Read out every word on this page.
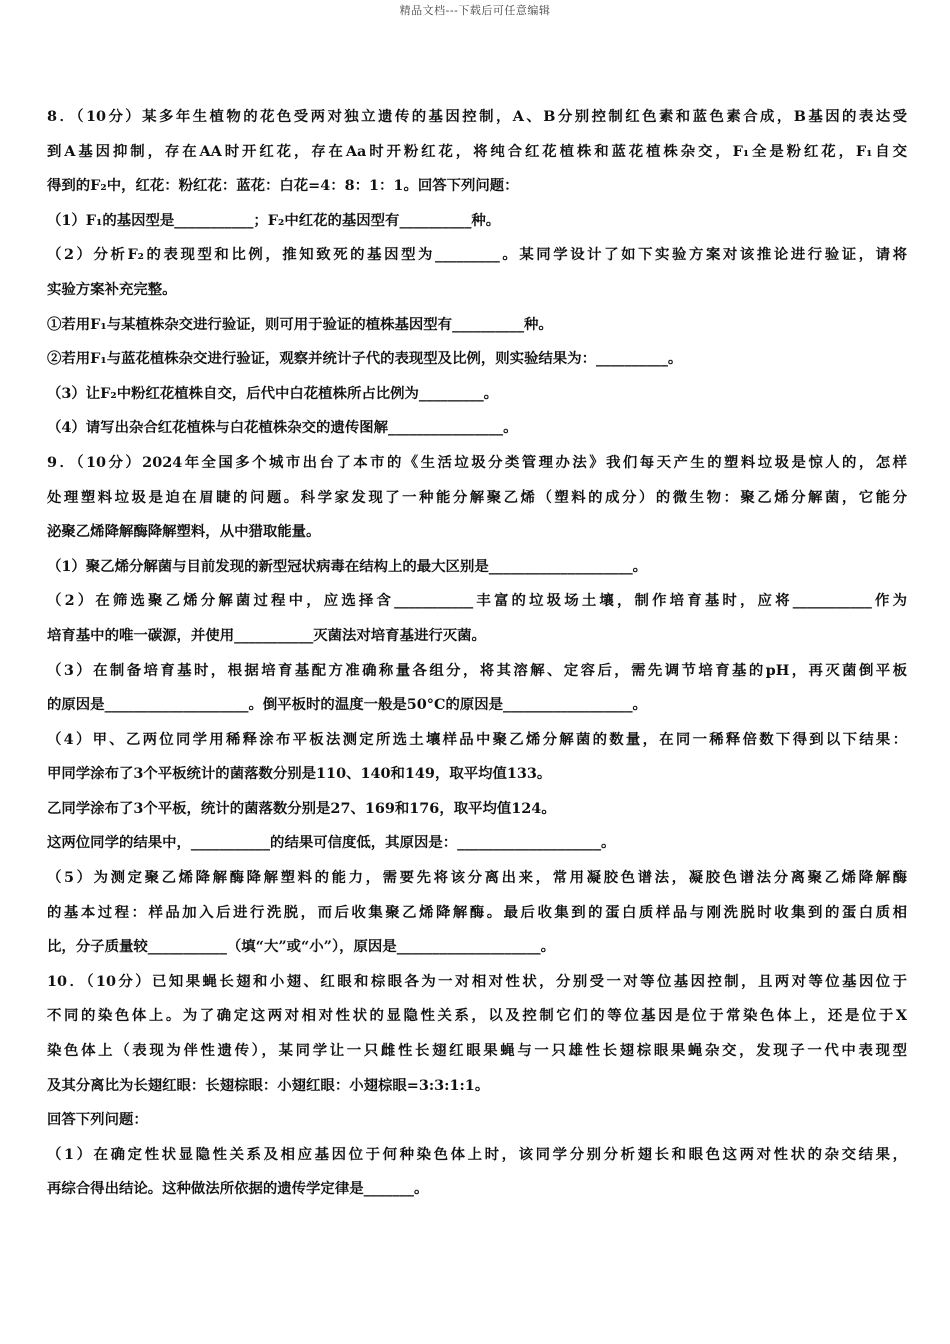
精品文档---下载后可任意编辑
8．（10分）某多年生植物的花色受两对独立遗传的基因控制，A、B分别控制红色素和蓝色素合成，B基因的表达受
到A基因抑制，存在AA时开红花，存在Aa时开粉红花，将纯合红花植株和蓝花植株杂交，F₁全是粉红花，F₁自交
得到的F₂中，红花：粉红花：蓝花：白花=4：8：1：1。回答下列问题：
（1）F₁的基因型是___________；F₂中红花的基因型有__________种。
（2）分析F₂的表现型和比例，推知致死的基因型为_________。某同学设计了如下实验方案对该推论进行验证，请将
实验方案补充完整。
①若用F₁与某植株杂交进行验证，则可用于验证的植株基因型有__________种。
②若用F₁与蓝花植株杂交进行验证，观察并统计子代的表现型及比例，则实验结果为：__________。
（3）让F₂中粉红花植株自交，后代中白花植株所占比例为_________。
（4）请写出杂合红花植株与白花植株杂交的遗传图解________________。
9．（10分）2024年全国多个城市出台了本市的《生活垃圾分类管理办法》我们每天产生的塑料垃圾是惊人的，怎样
处理塑料垃圾是迫在眉睫的问题。科学家发现了一种能分解聚乙烯（塑料的成分）的微生物：聚乙烯分解菌，它能分
泌聚乙烯降解酶降解塑料，从中猎取能量。
（1）聚乙烯分解菌与目前发现的新型冠状病毒在结构上的最大区别是____________________。
（2）在筛选聚乙烯分解菌过程中，应选择含___________丰富的垃圾场土壤，制作培育基时，应将___________作为
培育基中的唯一碳源，并使用___________灭菌法对培育基进行灭菌。
（3）在制备培育基时，根据培育基配方准确称量各组分，将其溶解、定容后，需先调节培育基的pH，再灭菌倒平板
的原因是____________________。倒平板时的温度一般是50°C的原因是__________________。
（4）甲、乙两位同学用稀释涂布平板法测定所选土壤样品中聚乙烯分解菌的数量，在同一稀释倍数下得到以下结果：
甲同学涂布了3个平板统计的菌落数分别是110、140和149，取平均值133。
乙同学涂布了3个平板，统计的菌落数分别是27、169和176，取平均值124。
这两位同学的结果中，___________的结果可信度低，其原因是：____________________。
（5）为测定聚乙烯降解酶降解塑料的能力，需要先将该分离出来，常用凝胶色谱法，凝胶色谱法分离聚乙烯降解酶
的基本过程：样品加入后进行洗脱，而后收集聚乙烯降解酶。最后收集到的蛋白质样品与刚洗脱时收集到的蛋白质相
比，分子质量较___________（填“大”或“小”），原因是____________________。
10．（10分）已知果蝇长翅和小翅、红眼和棕眼各为一对相对性状，分别受一对等位基因控制，且两对等位基因位于
不同的染色体上。为了确定这两对相对性状的显隐性关系，以及控制它们的等位基因是位于常染色体上，还是位于X
染色体上（表现为伴性遗传），某同学让一只雌性长翅红眼果蝇与一只雄性长翅棕眼果蝇杂交，发现子一代中表现型
及其分离比为长翅红眼：长翅棕眼：小翅红眼：小翅棕眼=3:3:1:1。
回答下列问题：
（1）在确定性状显隐性关系及相应基因位于何种染色体上时，该同学分别分析翅长和眼色这两对性状的杂交结果，
再综合得出结论。这种做法所依据的遗传学定律是_______。
